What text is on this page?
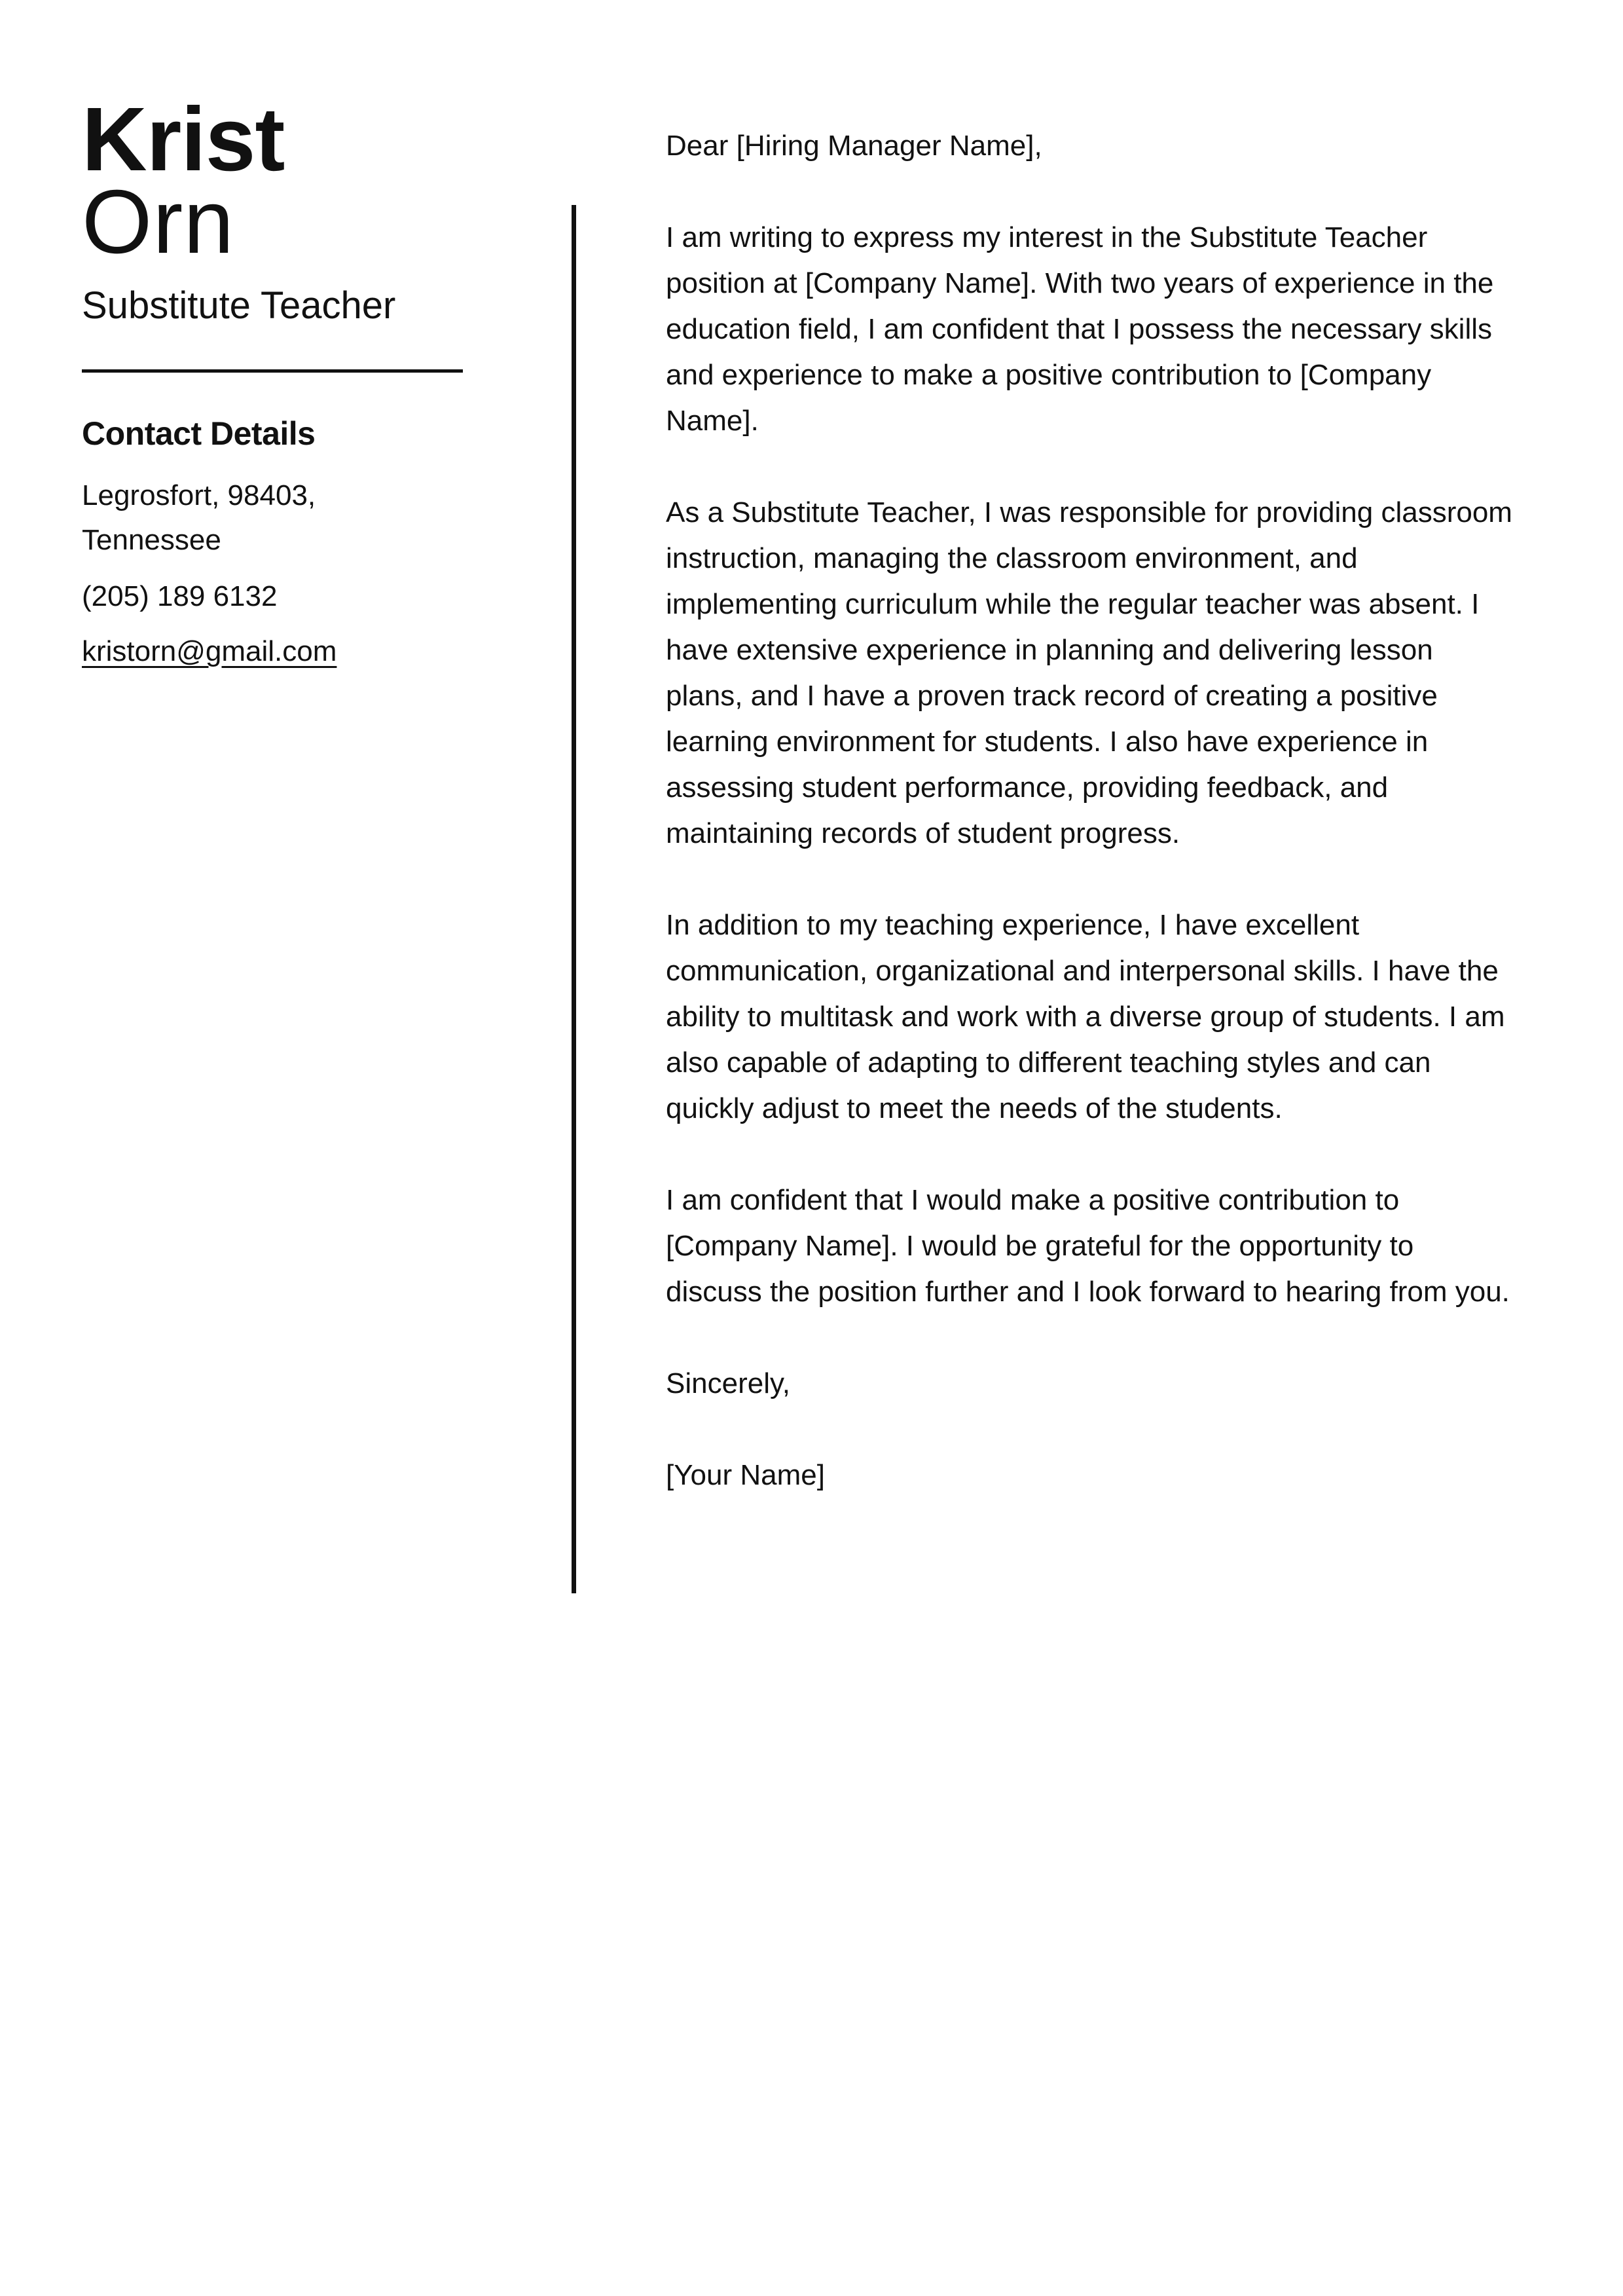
Krist
Orn
Substitute Teacher
Contact Details
Legrosfort, 98403,
Tennessee
(205) 189 6132
kristorn@gmail.com

Dear [Hiring Manager Name],

I am writing to express my interest in the Substitute Teacher position at [Company Name]. With two years of experience in the education field, I am confident that I possess the necessary skills and experience to make a positive contribution to [Company Name].

As a Substitute Teacher, I was responsible for providing classroom instruction, managing the classroom environment, and implementing curriculum while the regular teacher was absent. I have extensive experience in planning and delivering lesson plans, and I have a proven track record of creating a positive learning environment for students. I also have experience in assessing student performance, providing feedback, and maintaining records of student progress.

In addition to my teaching experience, I have excellent communication, organizational and interpersonal skills. I have the ability to multitask and work with a diverse group of students. I am also capable of adapting to different teaching styles and can quickly adjust to meet the needs of the students.

I am confident that I would make a positive contribution to [Company Name]. I would be grateful for the opportunity to discuss the position further and I look forward to hearing from you.

Sincerely,

[Your Name]
